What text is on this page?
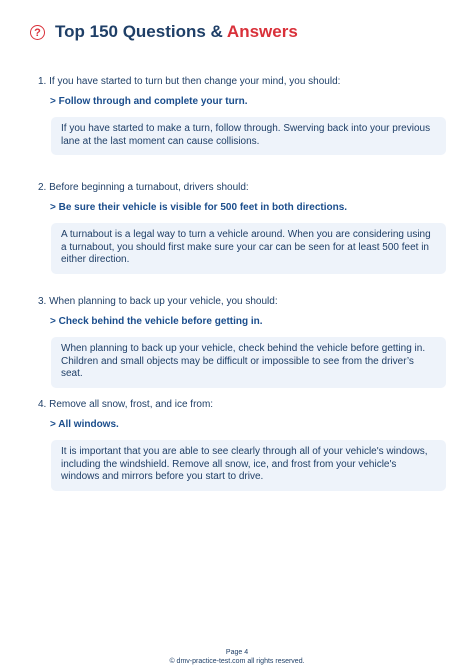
? Top 150 Questions & Answers
1. If you have started to turn but then change your mind, you should:
> Follow through and complete your turn.
If you have started to make a turn, follow through. Swerving back into your previous lane at the last moment can cause collisions.
2. Before beginning a turnabout, drivers should:
> Be sure their vehicle is visible for 500 feet in both directions.
A turnabout is a legal way to turn a vehicle around. When you are considering using a turnabout, you should first make sure your car can be seen for at least 500 feet in either direction.
3. When planning to back up your vehicle, you should:
> Check behind the vehicle before getting in.
When planning to back up your vehicle, check behind the vehicle before getting in. Children and small objects may be difficult or impossible to see from the driver’s seat.
4. Remove all snow, frost, and ice from:
> All windows.
It is important that you are able to see clearly through all of your vehicle's windows, including the windshield. Remove all snow, ice, and frost from your vehicle's windows and mirrors before you start to drive.
Page 4
© dmv-practice-test.com all rights reserved.
